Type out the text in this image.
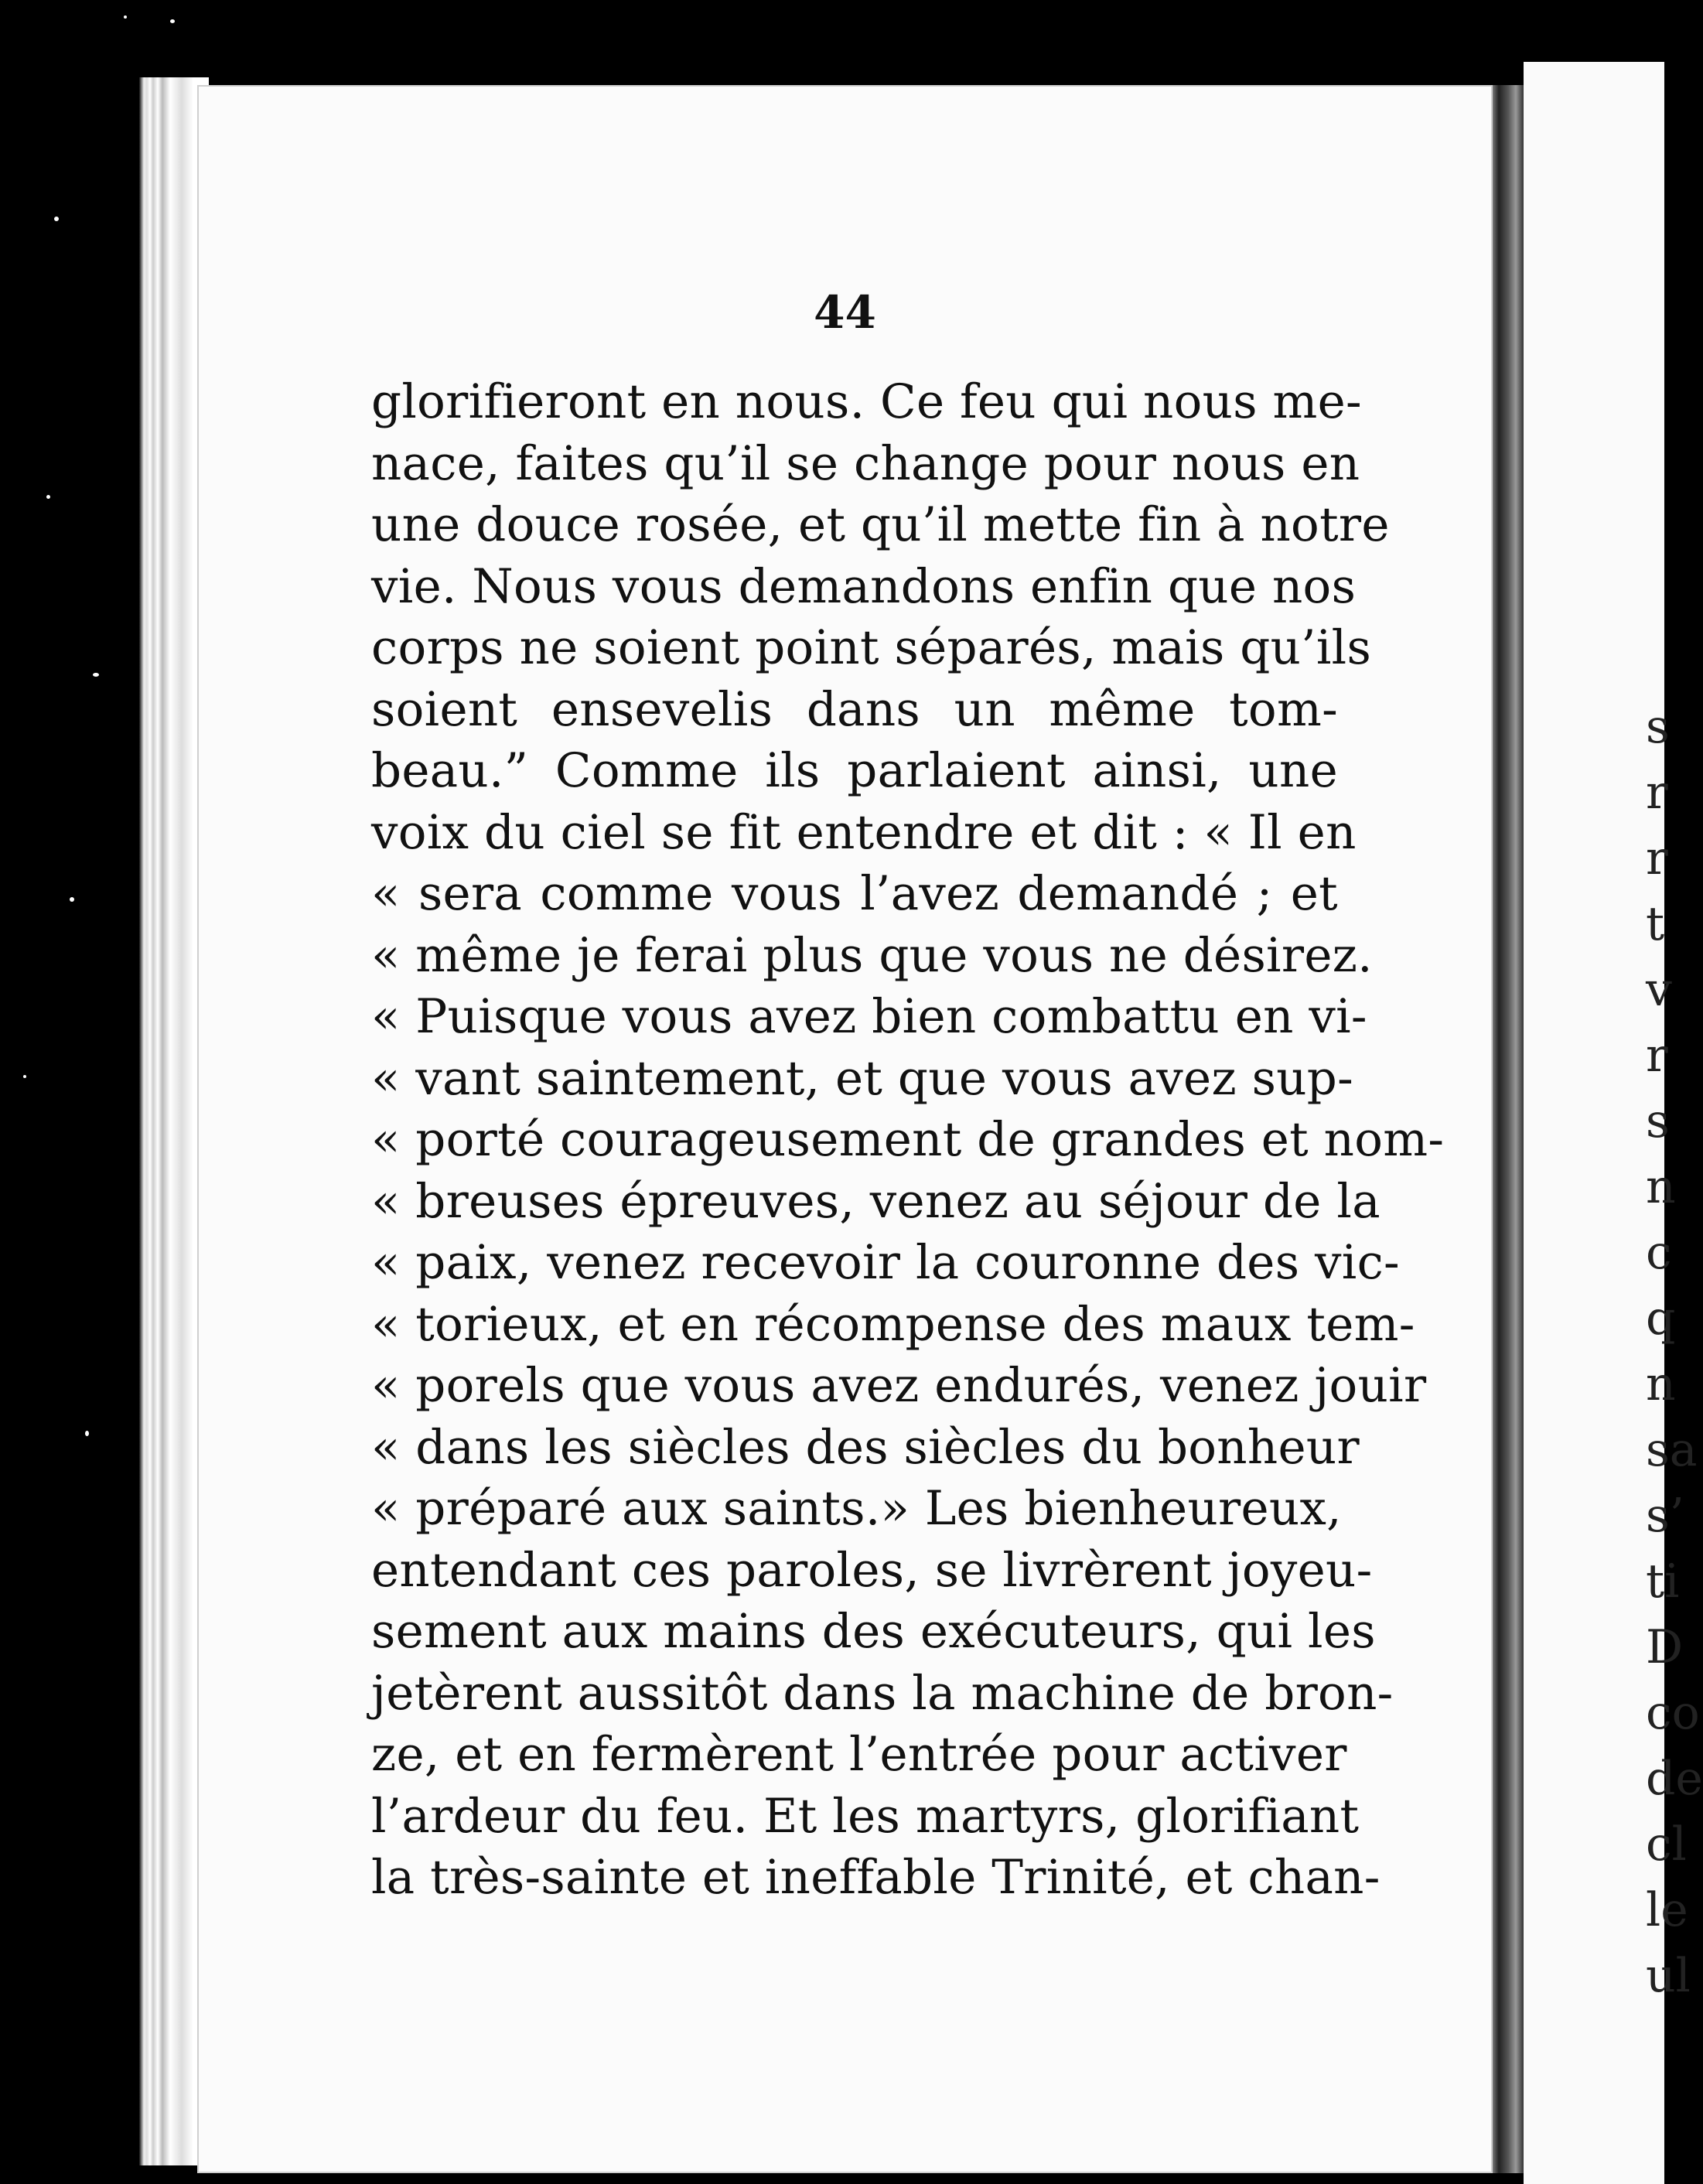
44
glorifieront en nous. Ce feu qui nous me-
nace, faites qu’il se change pour nous en
une douce rosée, et qu’il mette fin à notre
vie. Nous vous demandons enfin que nos
corps ne soient point séparés, mais qu’ils
soient ensevelis dans un même tom-
beau.” Comme ils parlaient ainsi, une
voix du ciel se fit entendre et dit : « Il en
« sera comme vous l’avez demandé ; et
« même je ferai plus que vous ne désirez.
« Puisque vous avez bien combattu en vi-
« vant saintement, et que vous avez sup-
« porté courageusement de grandes et nom-
« breuses épreuves, venez au séjour de la
« paix, venez recevoir la couronne des vic-
« torieux, et en récompense des maux tem-
« porels que vous avez endurés, venez jouir
« dans les siècles des siècles du bonheur
« préparé aux saints.» Les bienheureux,
entendant ces paroles, se livrèrent joyeu-
sement aux mains des exécuteurs, qui les
jetèrent aussitôt dans la machine de bron-
ze, et en fermèrent l’entrée pour activer
l’ardeur du feu. Et les martyrs, glorifiant
la très-sainte et ineffable Trinité, et chan-
s
r
r
t
v
r
s
n
c
q
n
sa
s’
ti
D
co
de
cl
le
ul
